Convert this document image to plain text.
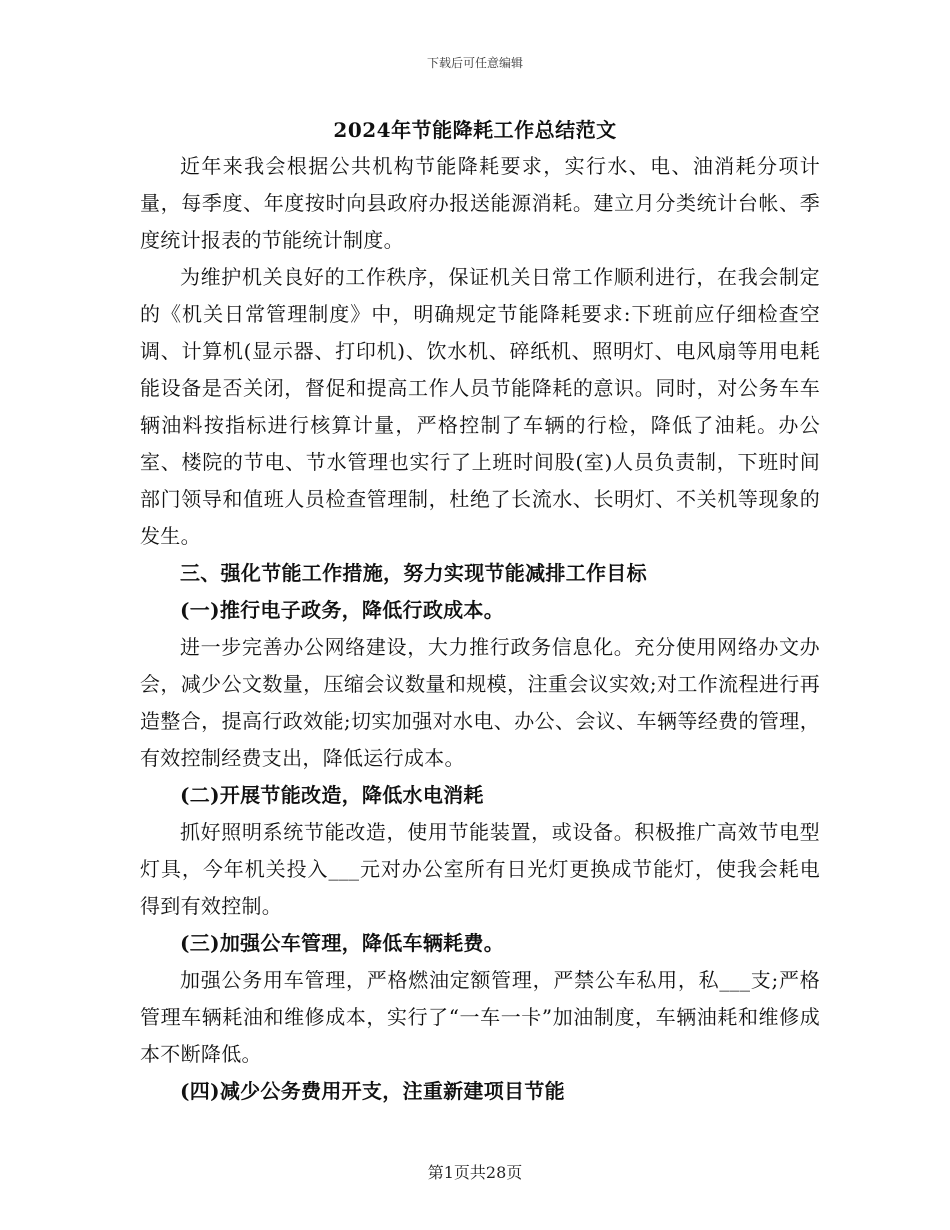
下载后可任意编辑
2024年节能降耗工作总结范文

近年来我会根据公共机构节能降耗要求，实行水、电、油消耗分项计量，每季度、年度按时向县政府办报送能源消耗。建立月分类统计台帐、季度统计报表的节能统计制度。

为维护机关良好的工作秩序，保证机关日常工作顺利进行，在我会制定的《机关日常管理制度》中，明确规定节能降耗要求:下班前应仔细检查空调、计算机(显示器、打印机)、饮水机、碎纸机、照明灯、电风扇等用电耗能设备是否关闭，督促和提高工作人员节能降耗的意识。同时，对公务车车辆油料按指标进行核算计量，严格控制了车辆的行检，降低了油耗。办公室、楼院的节电、节水管理也实行了上班时间股(室)人员负责制，下班时间部门领导和值班人员检查管理制，杜绝了长流水、长明灯、不关机等现象的发生。

三、强化节能工作措施，努力实现节能减排工作目标

(一)推行电子政务，降低行政成本。

进一步完善办公网络建设，大力推行政务信息化。充分使用网络办文办会，减少公文数量，压缩会议数量和规模，注重会议实效;对工作流程进行再造整合，提高行政效能;切实加强对水电、办公、会议、车辆等经费的管理，有效控制经费支出，降低运行成本。

(二)开展节能改造，降低水电消耗

抓好照明系统节能改造，使用节能装置，或设备。积极推广高效节电型灯具，今年机关投入___元对办公室所有日光灯更换成节能灯，使我会耗电得到有效控制。

(三)加强公车管理，降低车辆耗费。

加强公务用车管理，严格燃油定额管理，严禁公车私用，私___支;严格管理车辆耗油和维修成本，实行了“一车一卡”加油制度，车辆油耗和维修成本不断降低。

(四)减少公务费用开支，注重新建项目节能

第1页共28页
